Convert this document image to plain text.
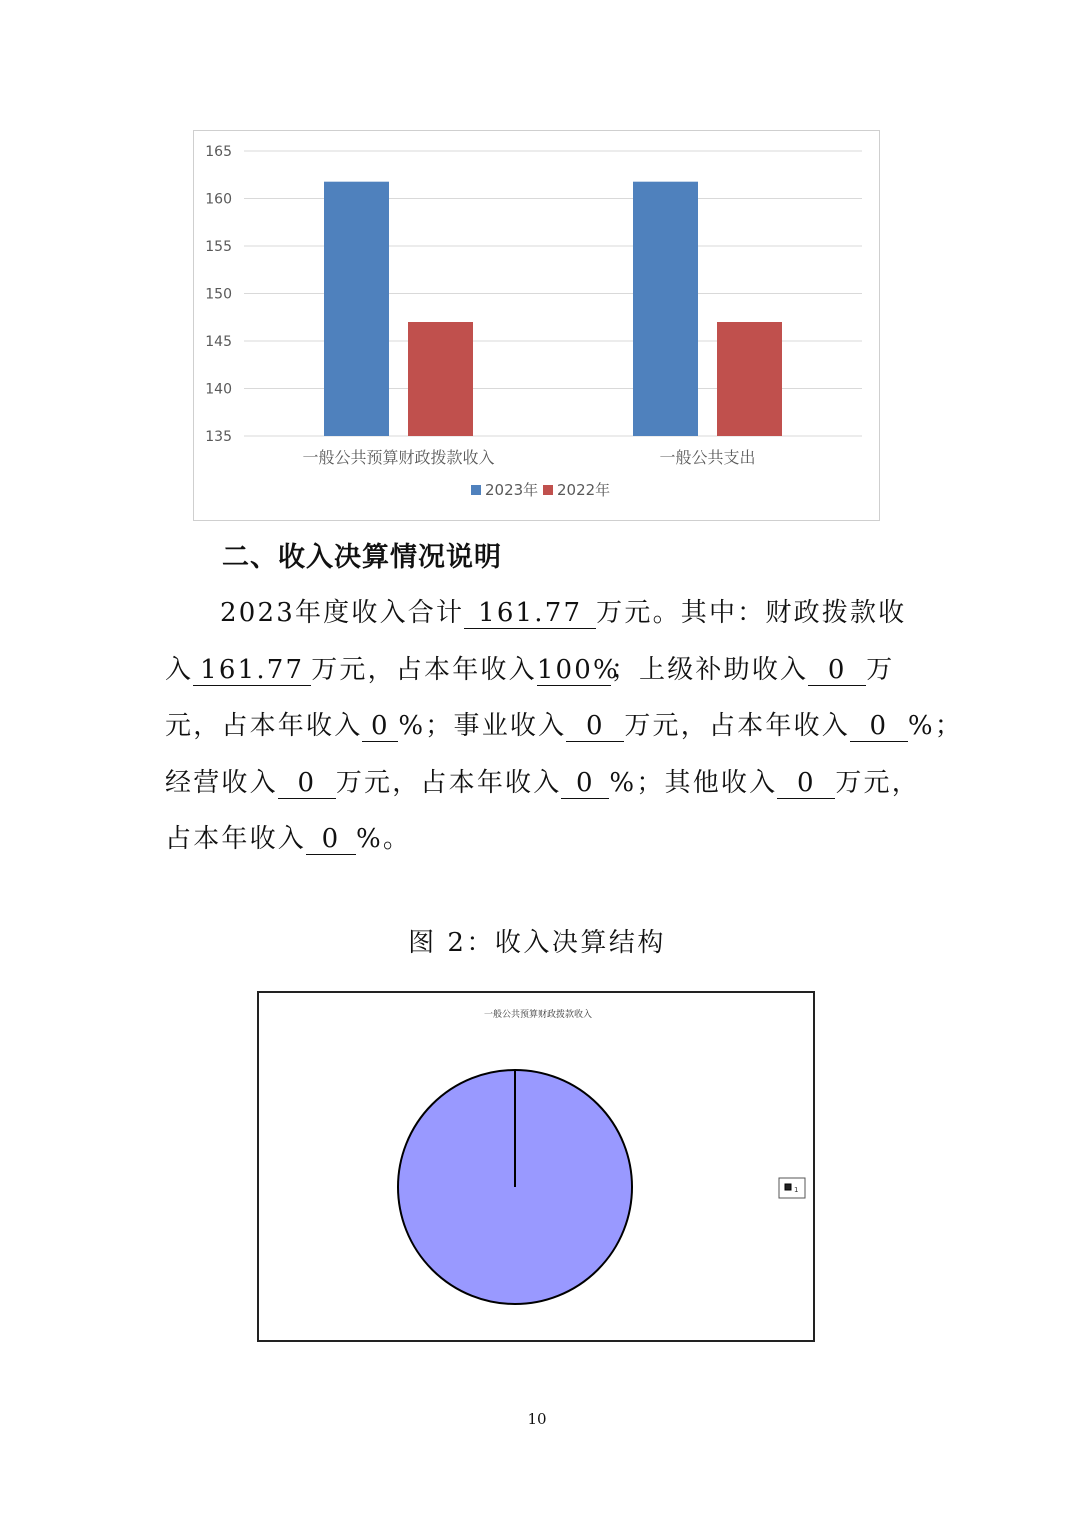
165
160
155
150
145
140
135
一般公共预算财政拨款收入	一般公共支出
2023年 2022年
二、收入决算情况说明
2023年度收入合计 161.77 万元。其中：财政拨款收
入 161.77 万元，占本年收入100%；上级补助收入 0 万
元，占本年收入 0 %；事业收入 0 万元，占本年收入 0 %；
经营收入 0 万元，占本年收入 0 %；其他收入 0 万元，
占本年收入 0 %。

图 2：收入决算结构

一般公共预算财政拨款收入
1

10
